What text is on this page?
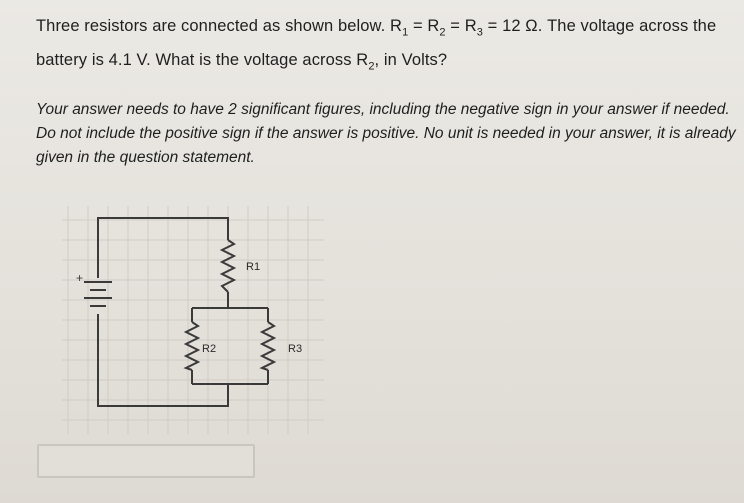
Three resistors are connected as shown below. $R_1 = R_2 = R_3 = 12$ Ω. The voltage across the battery is 4.1 V. What is the voltage across $R_2$, in Volts?
Your answer needs to have 2 significant figures, including the negative sign in your answer if needed. Do not include the positive sign if the answer is positive. No unit is needed in your answer, it is already given in the question statement.
+
R1
R2	R3
